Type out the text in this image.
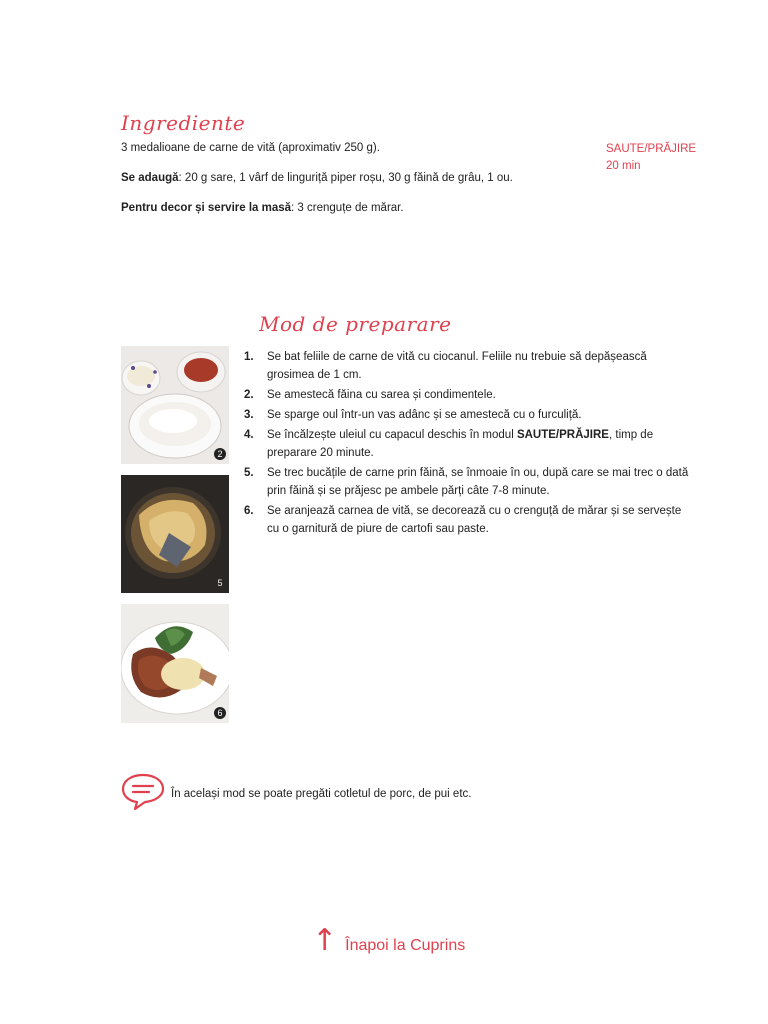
Ingrediente
3 medalioane de carne de vită (aproximativ 250 g).
Se adaugă: 20 g sare, 1 vârf de linguriță piper roșu, 30 g făină de grâu, 1 ou.
Pentru decor și servire la masă: 3 crenguțe de mărar.
SAUTE/PRĂJIRE
20 min
Mod de preparare
2
5
6
1. Se bat feliile de carne de vită cu ciocanul. Feliile nu trebuie să depășească grosimea de 1 cm.
2. Se amestecă făina cu sarea și condimentele.
3. Se sparge oul într-un vas adânc și se amestecă cu o furculiță.
4. Se încălzește uleiul cu capacul deschis în modul SAUTE/PRĂJIRE, timp de preparare 20 minute.
5. Se trec bucățile de carne prin făină, se înmoaie în ou, după care se mai trec o dată prin făină și se prăjesc pe ambele părți câte 7-8 minute.
6. Se aranjează carnea de vită, se decorează cu o crenguță de mărar și se servește cu o garnitură de piure de cartofi sau paste.
În același mod se poate pregăti cotletul de porc, de pui etc.
↑ Înapoi la Cuprins
